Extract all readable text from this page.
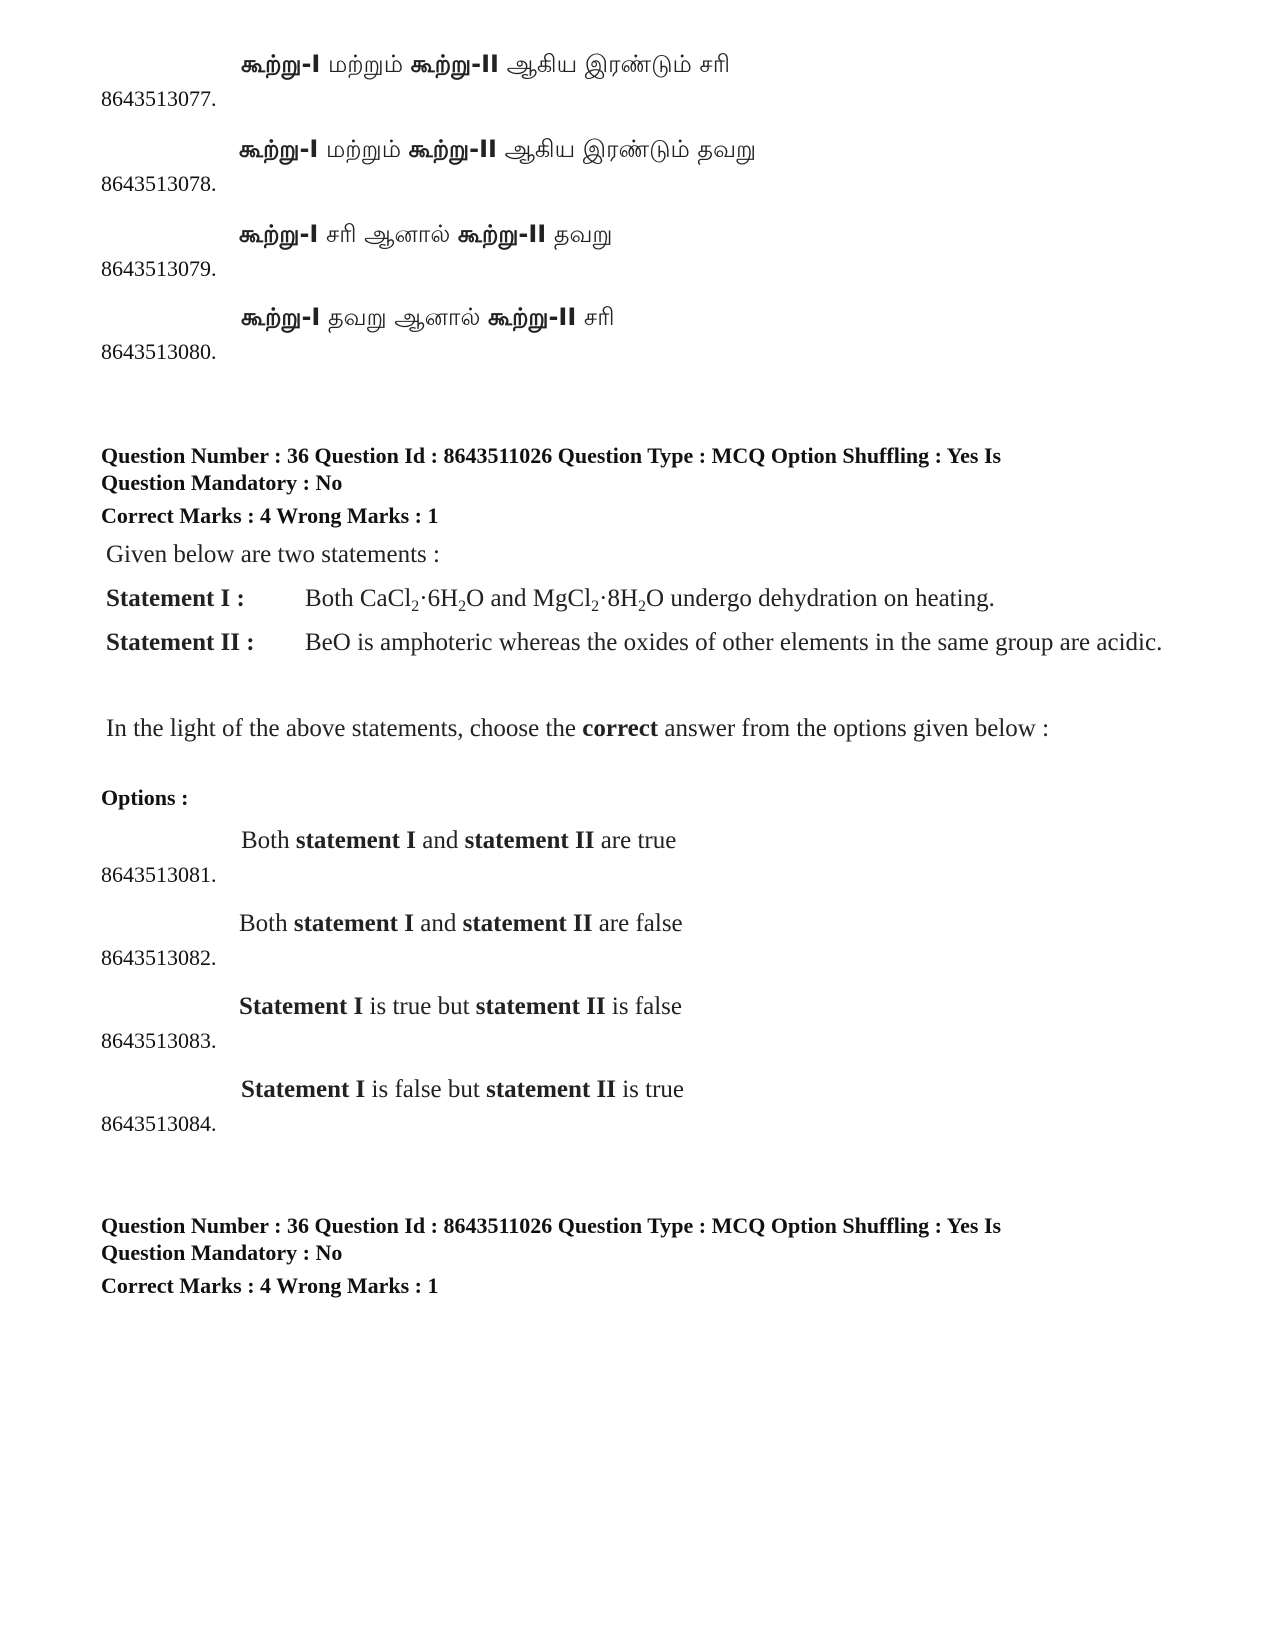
8643513077.
கூற்று-I மற்றும் கூற்று-II ஆகிய இரண்டும் சரி
8643513078.
கூற்று-I மற்றும் கூற்று-II ஆகிய இரண்டும் தவறு
8643513079.
கூற்று-I சரி ஆனால் கூற்று-II தவறு
8643513080.
கூற்று-I தவறு ஆனால் கூற்று-II சரி
Question Number : 36 Question Id : 8643511026 Question Type : MCQ Option Shuffling : Yes Is
Question Mandatory : No
Correct Marks : 4 Wrong Marks : 1
Given below are two statements :
Statement I : Both $CaCl_2\cdot 6H_2O$ and $MgCl_2\cdot 8H_2O$ undergo dehydration on heating.
Statement II : BeO is amphoteric whereas the oxides of other elements in the same group are acidic.
In the light of the above statements, choose the correct answer from the options given below :
Options :
8643513081.
Both statement I and statement II are true
8643513082.
Both statement I and statement II are false
8643513083.
Statement I is true but statement II is false
8643513084.
Statement I is false but statement II is true
Question Number : 36 Question Id : 8643511026 Question Type : MCQ Option Shuffling : Yes Is
Question Mandatory : No
Correct Marks : 4 Wrong Marks : 1
